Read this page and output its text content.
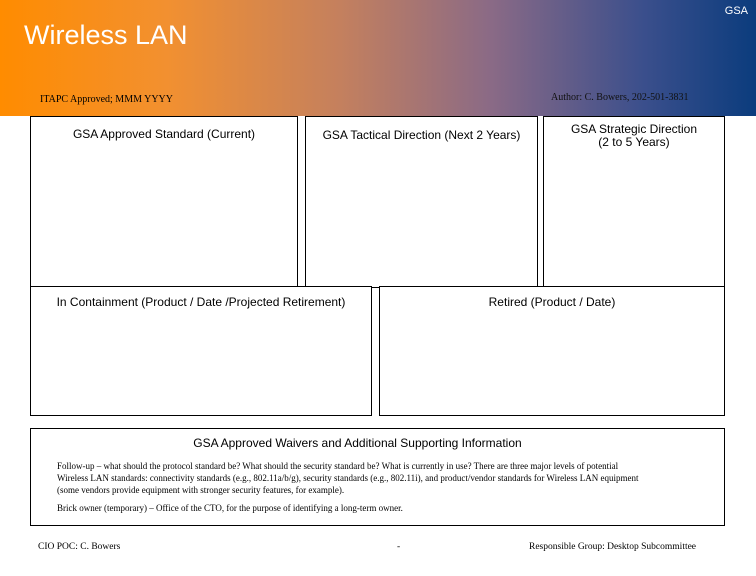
GSA
Wireless LAN
ITAPC Approved; MMM YYYY	Author: C. Bowers, 202-501-3831
GSA Approved Standard (Current)	GSA Tactical Direction (Next 2 Years)	GSA Strategic Direction
(2 to 5 Years)
In Containment (Product / Date /Projected Retirement)	Retired (Product / Date)
GSA Approved Waivers and Additional Supporting Information
Follow-up – what should the protocol standard be? What should the security standard be? What is currently in use? There are three major levels of potential
Wireless LAN standards: connectivity standards (e.g., 802.11a/b/g), security standards (e.g., 802.11i), and product/vendor standards for Wireless LAN equipment
(some vendors provide equipment with stronger security features, for example).
Brick owner (temporary) – Office of the CTO, for the purpose of identifying a long-term owner.
CIO POC: C. Bowers	-	Responsible Group: Desktop Subcommittee
